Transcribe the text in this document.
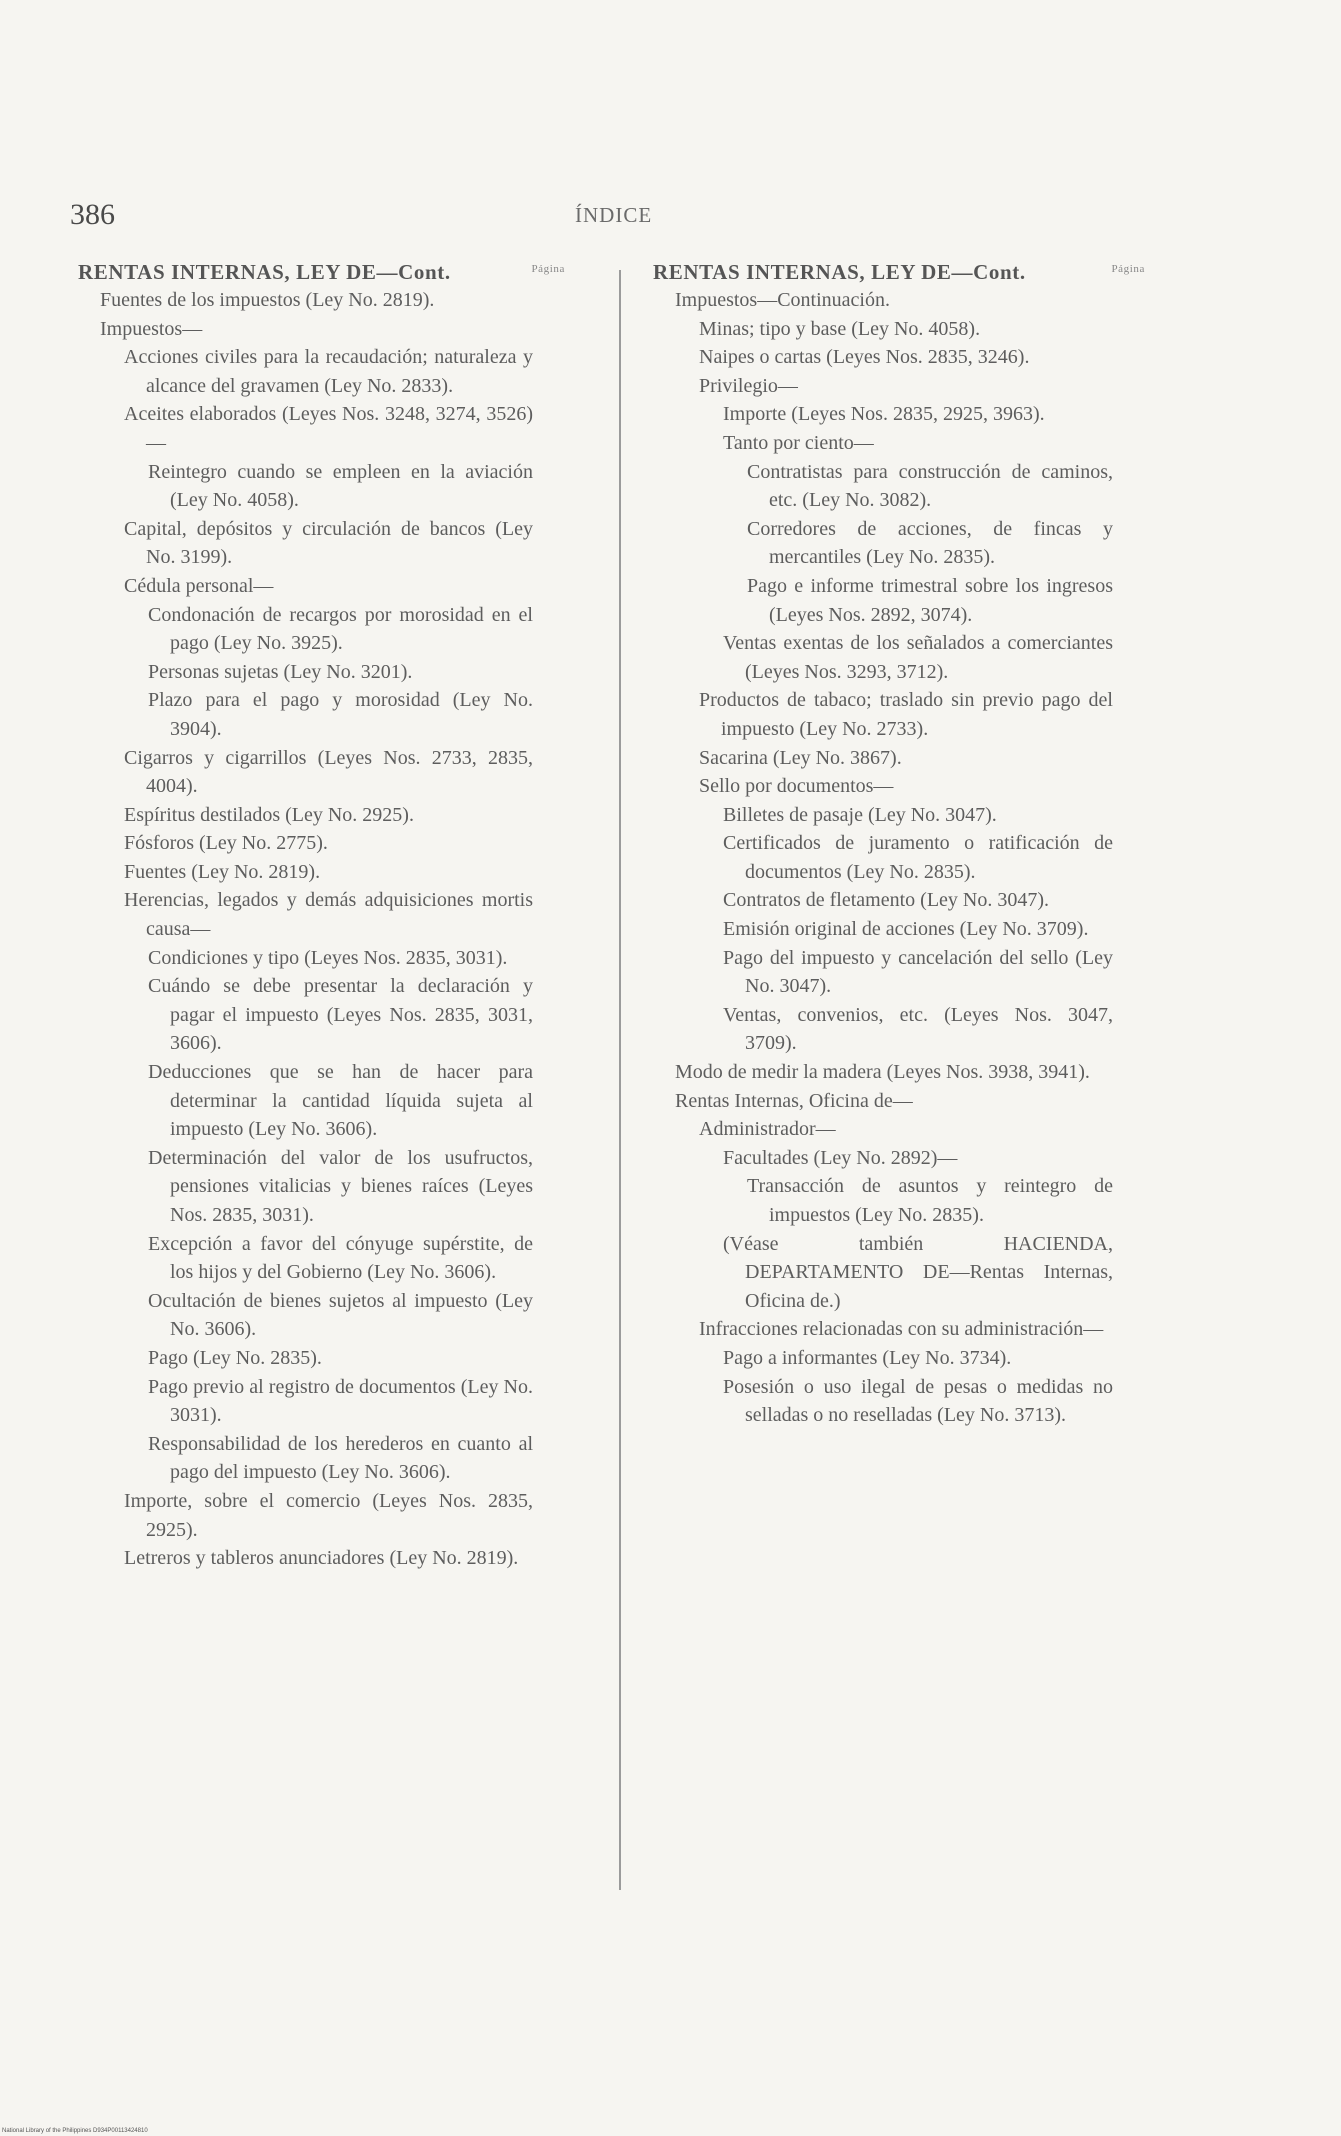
386	ÍNDICE
RENTAS INTERNAS, LEY DE—Cont.	Página
Fuentes de los impuestos (Ley No. 2819).
Impuestos—
Acciones civiles para la recaudación; naturaleza y alcance del gravamen (Ley No. 2833).
Aceites elaborados (Leyes Nos. 3248, 3274, 3526)—
Reintegro cuando se empleen en la aviación (Ley No. 4058).
Capital, depósitos y circulación de bancos (Ley No. 3199).
Cédula personal—
Condonación de recargos por morosidad en el pago (Ley No. 3925).
Personas sujetas (Ley No. 3201).
Plazo para el pago y morosidad (Ley No. 3904).
Cigarros y cigarrillos (Leyes Nos. 2733, 2835, 4004).
Espíritus destilados (Ley No. 2925).
Fósforos (Ley No. 2775).
Fuentes (Ley No. 2819).
Herencias, legados y demás adquisiciones mortis causa—
Condiciones y tipo (Leyes Nos. 2835, 3031).
Cuándo se debe presentar la declaración y pagar el impuesto (Leyes Nos. 2835, 3031, 3606).
Deducciones que se han de hacer para determinar la cantidad líquida sujeta al impuesto (Ley No. 3606).
Determinación del valor de los usufructos, pensiones vitalicias y bienes raíces (Leyes Nos. 2835, 3031).
Excepción a favor del cónyuge supérstite, de los hijos y del Gobierno (Ley No. 3606).
Ocultación de bienes sujetos al impuesto (Ley No. 3606).
Pago (Ley No. 2835).
Pago previo al registro de documentos (Ley No. 3031).
Responsabilidad de los herederos en cuanto al pago del impuesto (Ley No. 3606).
Importe, sobre el comercio (Leyes Nos. 2835, 2925).
Letreros y tableros anunciadores (Ley No. 2819).
RENTAS INTERNAS, LEY DE—Cont.	Página
Impuestos—Continuación.
Minas; tipo y base (Ley No. 4058).
Naipes o cartas (Leyes Nos. 2835, 3246).
Privilegio—
Importe (Leyes Nos. 2835, 2925, 3963).
Tanto por ciento—
Contratistas para construcción de caminos, etc. (Ley No. 3082).
Corredores de acciones, de fincas y mercantiles (Ley No. 2835).
Pago e informe trimestral sobre los ingresos (Leyes Nos. 2892, 3074).
Ventas exentas de los señalados a comerciantes (Leyes Nos. 3293, 3712).
Productos de tabaco; traslado sin previo pago del impuesto (Ley No. 2733).
Sacarina (Ley No. 3867).
Sello por documentos—
Billetes de pasaje (Ley No. 3047).
Certificados de juramento o ratificación de documentos (Ley No. 2835).
Contratos de fletamento (Ley No. 3047).
Emisión original de acciones (Ley No. 3709).
Pago del impuesto y cancelación del sello (Ley No. 3047).
Ventas, convenios, etc. (Leyes Nos. 3047, 3709).
Modo de medir la madera (Leyes Nos. 3938, 3941).
Rentas Internas, Oficina de—
Administrador—
Facultades (Ley No. 2892)—
Transacción de asuntos y reintegro de impuestos (Ley No. 2835).
(Véase también HACIENDA, DEPARTAMENTO DE—Rentas Internas, Oficina de.)
Infracciones relacionadas con su administración—
Pago a informantes (Ley No. 3734).
Posesión o uso ilegal de pesas o medidas no selladas o no reselladas (Ley No. 3713).
National Library of the Philippines D934P00113424810
